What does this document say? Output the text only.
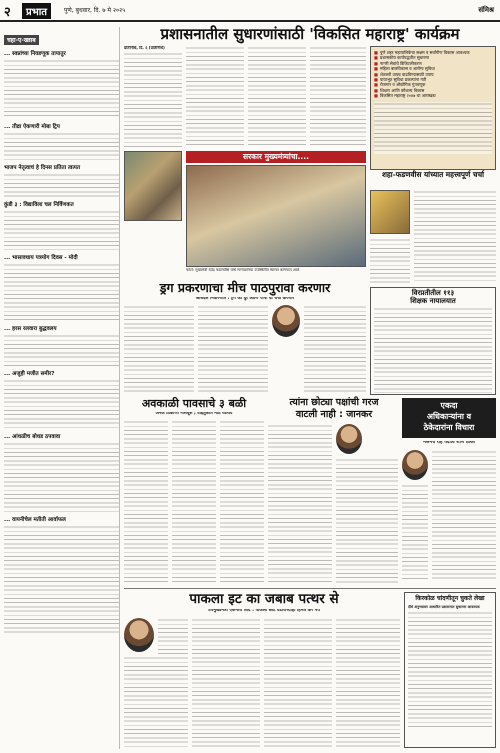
२	प्रभात	पुणे, बुधवार, दि. ७ मे २०२५	संमिश्र
चहा-ए-ख्वाब
... स्वप्नांच्या निवडणूक तापातुर
... तीव्रा ऐकणारी मोबा ट्रिप
भाजप नेतृत्वाचं हे दिनस प्रतिता त्वत्पत
कुंडी ३ : विद्याविला चल निर्विणकत
... भासावधाय पत्रयोग दिवस - मोदी
... हरस रलवारा बुद्धवलय
... अजुही मजीत समीर?
... आंधळीच बोधड ठपवावा
... वायनीचेल मतीती आर्वाफल
प्रशासनातील सुधारणांसाठी 'विकसित महाराष्ट्र' कार्यक्रम
प्रतिनिधि, दि. ६ (प्रतिनिधि)
■ पुणे शहर महापालिकेचा सक्षम व सर्वांगीण विकास आवश्यक
■ प्रशासकीय कार्यपद्धतीत सुधारणा
■ नागरी सेवांचे डिजिटलीकरण
■ महिला बालविकास व आरोग्य सुविधा
■ शेतकरी उत्पन्न वाढविण्यासाठी उपाय
■ पायाभूत सुविधा प्रकल्पांना गती
■ रोजगार व औद्योगिक गुंतवणूक
■ शिक्षण आणि कौशल्य विकास
■ विकसित महाराष्ट्र २०४७ चा आराखडा
सरकार मुख्यमंत्र्यांचा....
फोटो: मुख्यमंत्री देवेंद्र फडणवीस यांचे मान्यवरांच्या उपस्थितीत स्वागत करण्यात आले.
शहा-फडणवीस यांच्यात महत्त्वपूर्ण चर्चा
ड्रग प्रकरणाचा मीच पाठपुरावा करणार
ओबदले निवारणात : ट्रग का दुर आणि पापी वा चर्चा करणार
विरप्रतीतील ११३
शिक्षक नायालयात
एकदा
अधिकाऱ्यांना व
ठेकेदारांना विचारा
मसमेचे राह पदावि शीर्ण ठोका
अवकाळी पावसाचे ३ बळी
अनेक ठिकाणी नासधूस ; वाहतुकीत मोठे व्यत्यय
त्यांना छोट्या पक्षांची गरज
वाटली नाही : जानकर
पाकला इट का जबाब पत्थर से
उपमुख्यमंत्री एकनाथ शिंदे : पाकला छोटे वटाराच्याही हिंमत कर नये
किरकोळ चांदणीतून चुकते लेखा
दीर्घ अनुभवावर आधारित प्रशासनात सुधारणा आवश्यक
